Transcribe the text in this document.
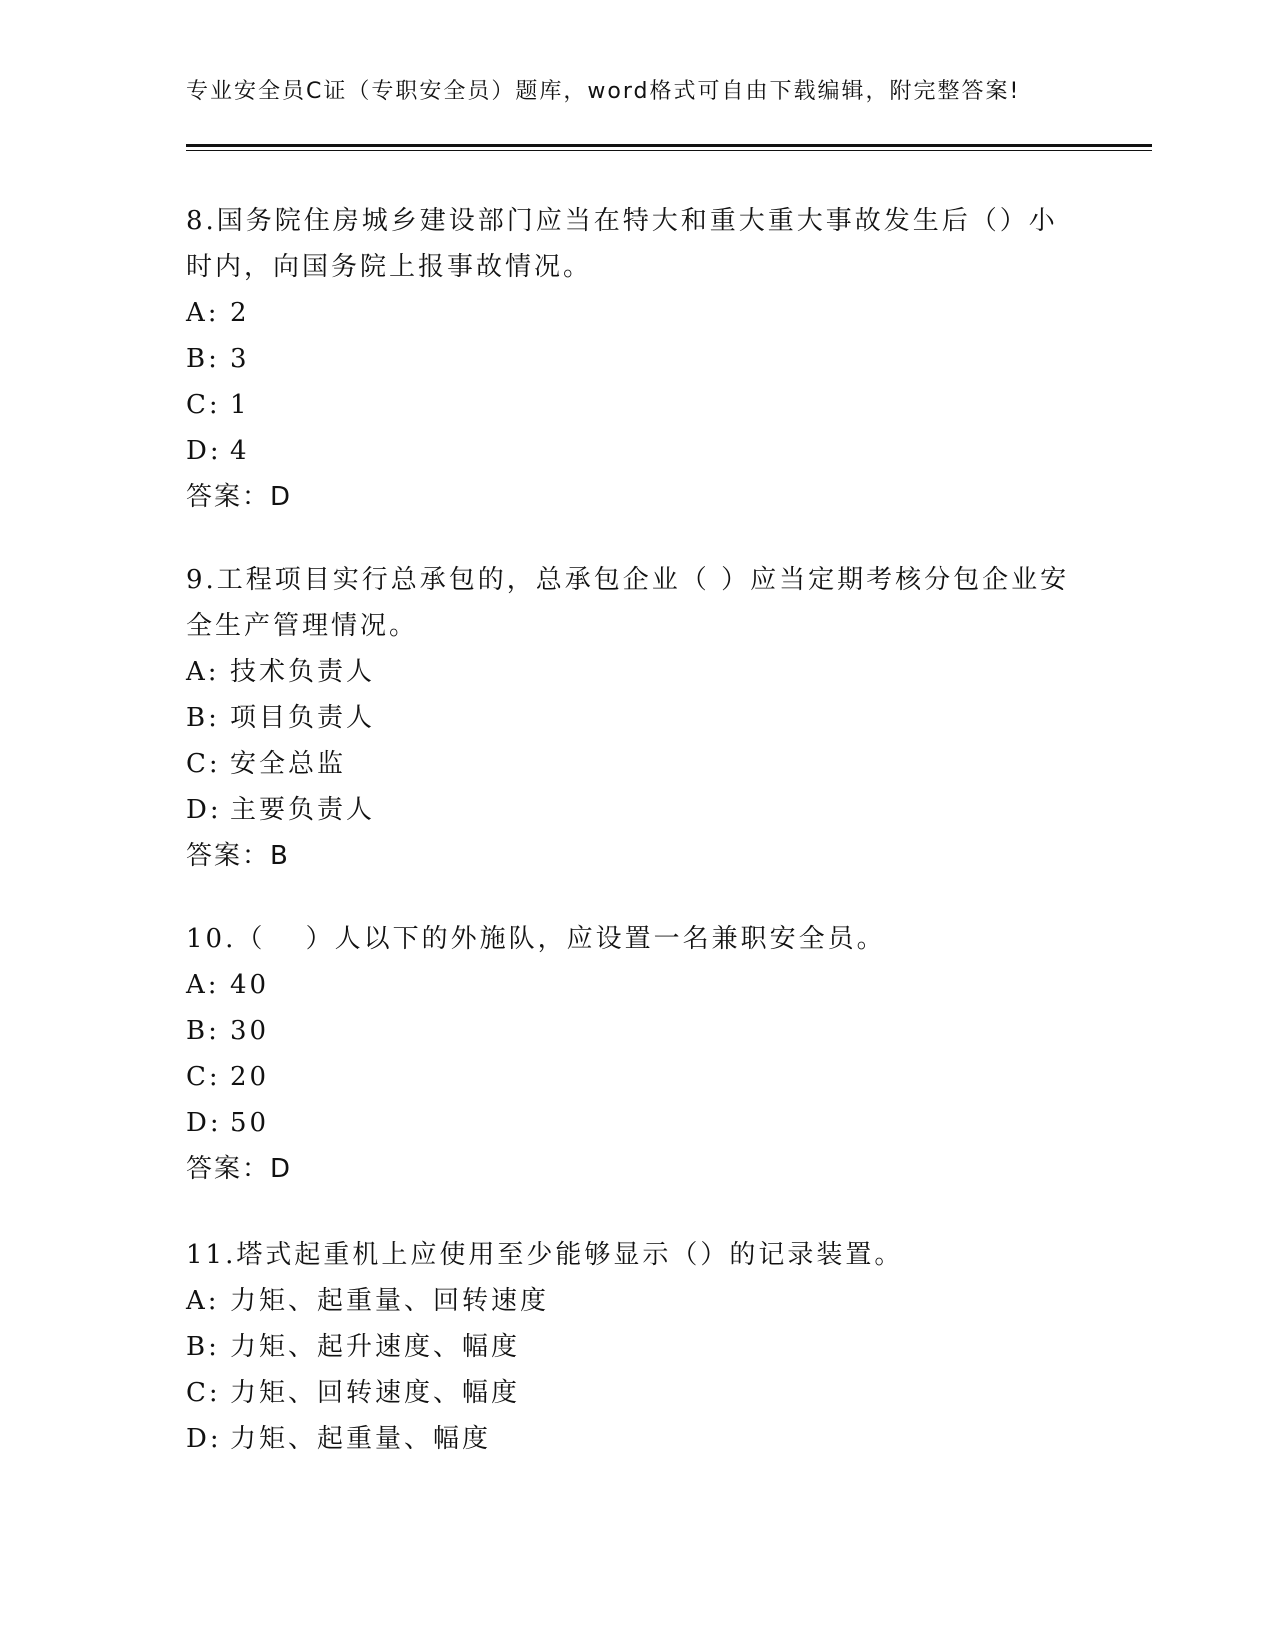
专业安全员C证（专职安全员）题库，word格式可自由下载编辑，附完整答案!

8.国务院住房城乡建设部门应当在特大和重大重大事故发生后（）小时内，向国务院上报事故情况。

A: 2
B: 3
C: 1
D: 4
答案：D

9.工程项目实行总承包的，总承包企业（ ）应当定期考核分包企业安全生产管理情况。

A: 技术负责人
B: 项目负责人
C: 安全总监
D: 主要负责人
答案：B

10.（　 ）人以下的外施队，应设置一名兼职安全员。

A: 40
B: 30
C: 20
D: 50
答案：D

11.塔式起重机上应使用至少能够显示（）的记录装置。

A: 力矩、起重量、回转速度
B: 力矩、起升速度、幅度
C: 力矩、回转速度、幅度
D: 力矩、起重量、幅度
